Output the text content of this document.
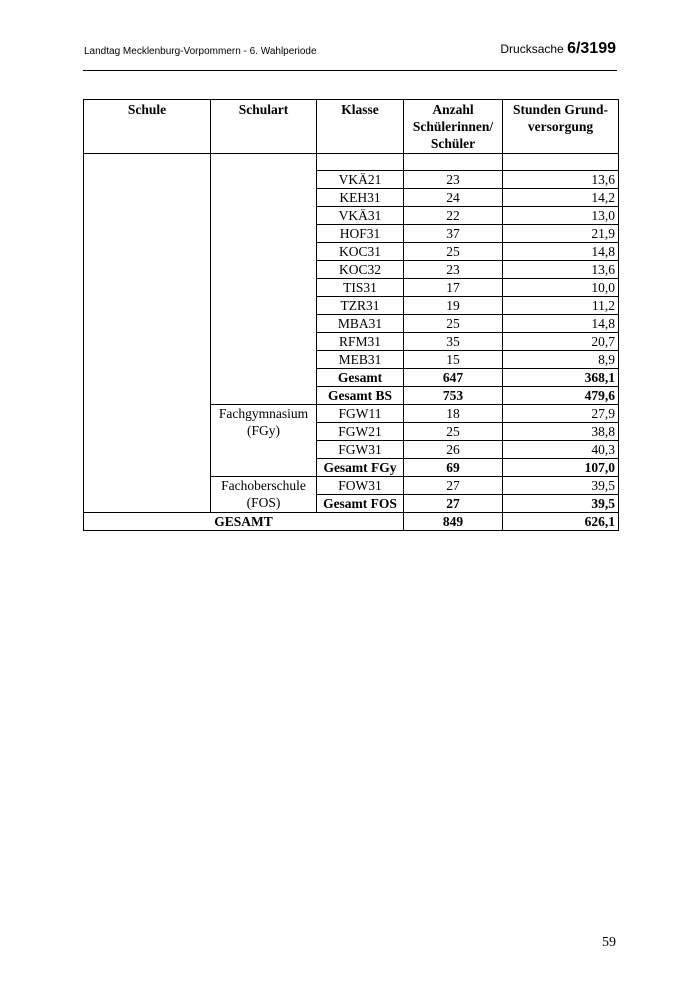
Landtag Mecklenburg-Vorpommern - 6. Wahlperiode	Drucksache 6/3199
Schule	Schulart	Klasse	Anzahl Schülerinnen/ Schüler	Stunden Grund-versorgung

		VKÄ21	23	13,6
		KEH31	24	14,2
		VKÄ31	22	13,0
		HOF31	37	21,9
		KOC31	25	14,8
		KOC32	23	13,6
		TIS31	17	10,0
		TZR31	19	11,2
		MBA31	25	14,8
		RFM31	35	20,7
		MEB31	15	8,9
		Gesamt	647	368,1
		Gesamt BS	753	479,6
	Fachgymnasium (FGy)	FGW11	18	27,9
		FGW21	25	38,8
		FGW31	26	40,3
		Gesamt FGy	69	107,0
	Fachoberschule (FOS)	FOW31	27	39,5
		Gesamt FOS	27	39,5
GESAMT			849	626,1
59
